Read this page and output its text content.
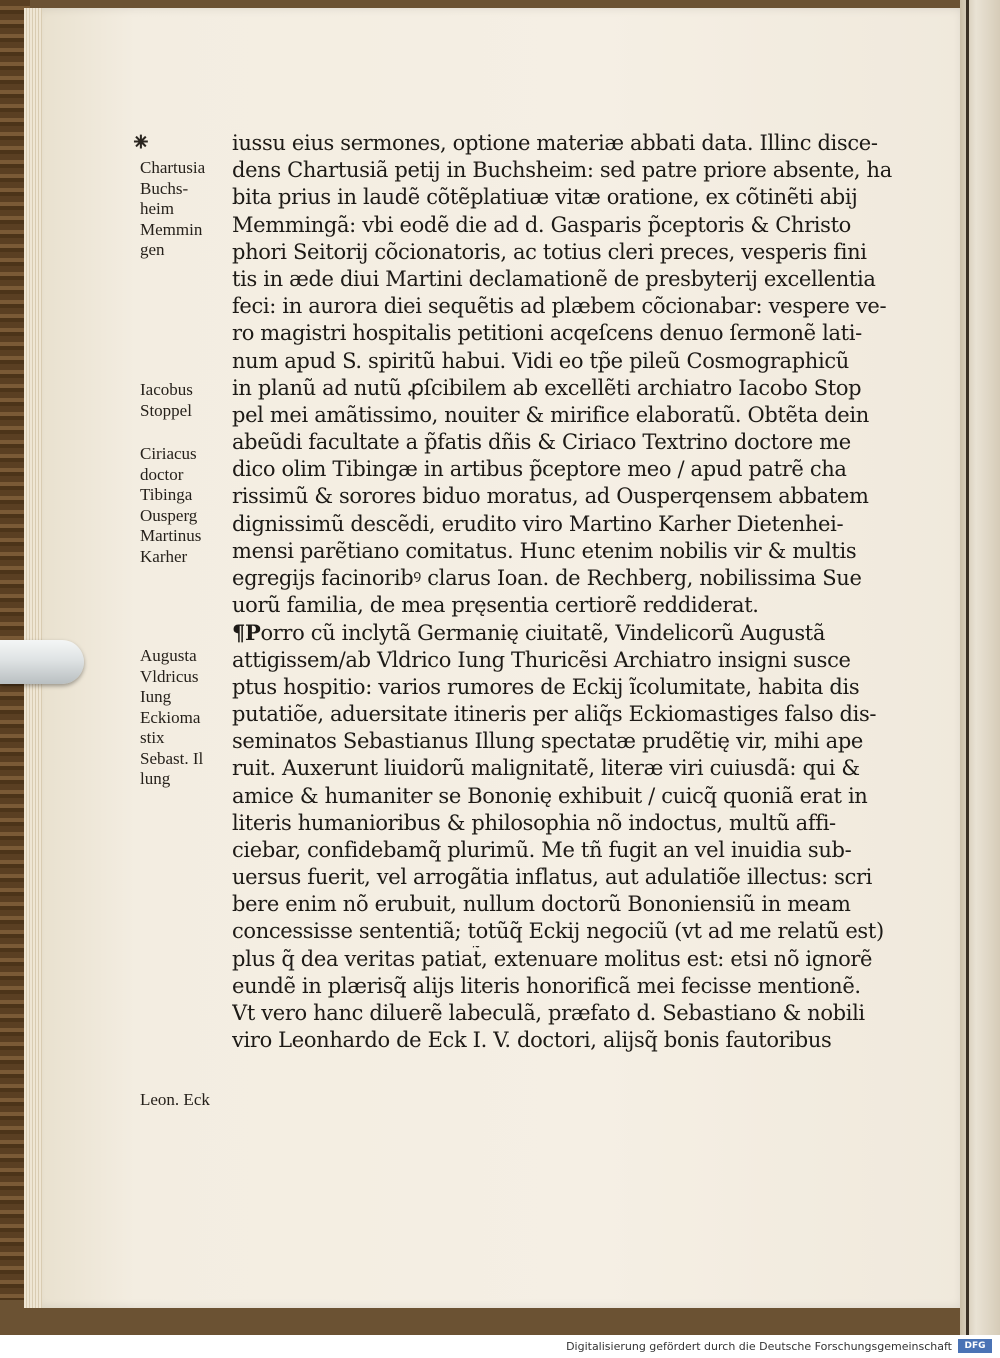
⁕	iussu eius sermones, optione materiæ abbati data. Illinc disce-
dens Chartusiã petij in Buchsheim: sed patre priore absente, ha
bita prius in laudẽ cõtẽplatiuæ vitæ oratione, ex cõtinẽti abij
Memmingã: vbi eodẽ die ad d. Gasparis p̃ceptoris & Christo
phori Seitorij cõcionatoris, ac totius cleri preces, vesperis fini
tis in æde diui Martini declamationẽ de presbyterij excellentia
feci: in aurora diei sequẽtis ad plæbem cõcionabar: vespere ve-
ro magistri hospitalis petitioni acqeſcens denuo ſermonẽ lati-
num apud S. spiritũ habui. Vidi eo tp̃e pileũ Cosmographicũ
in planũ ad nutũ ꝓſcibilem ab excellẽti archiatro Iacobo Stop
pel mei amãtissimo, nouiter & mirifice elaboratũ. Obtẽta dein
abeũdi facultate a p̃fatis dñis & Ciriaco Textrino doctore me
dico olim Tibingæ in artibus p̃ceptore meo / apud patrẽ cha
rissimũ & sorores biduo moratus, ad Ousperqensem abbatem
dignissimũ descẽdi, erudito viro Martino Karher Dietenhei-
mensi parẽtiano comitatus. Hunc etenim nobilis vir & multis
egregijs facinoribꝰ clarus Ioan. de Rechberg, nobilissima Sue
uorũ familia, de mea pręsentia certiorẽ reddiderat.
¶Porro cũ inclytã Germanię ciuitatẽ, Vindelicorũ Augustã
attigissem/ab Vldrico Iung Thuricẽsi Archiatro insigni susce
ptus hospitio: varios rumores de Eckij ĩcolumitate, habita dis
putatiõe, aduersitate itineris per aliq̃s Eckiomastiges falso dis-
seminatos Sebastianus Illung spectatæ prudẽtię vir, mihi ape
ruit. Auxerunt liuidorũ malignitatẽ, literæ viri cuiusdã: qui &
amice & humaniter se Bononię exhibuit / cuicq̃ quoniã erat in
literis humanioribus & philosophia nõ indoctus, multũ affi-
ciebar, confidebamq̃ plurimũ. Me tñ fugit an vel inuidia sub-
uersus fuerit, vel arrogãtia inflatus, aut adulatiõe illectus: scri
bere enim nõ erubuit, nullum doctorũ Bononiensiũ in meam
concessisse sententiã; totũq̃ Eckij negociũ (vt ad me relatũ est)
plus q̃ dea veritas patiat̃, extenuare molitus est: etsi nõ ignorẽ
eundẽ in plærisq̃ alijs literis honorificã mei fecisse mentionẽ.
Vt vero hanc diluerẽ labeculã, præfato d. Sebastiano & nobili
viro Leonhardo de Eck I. V. doctori, alijsq̃ bonis fautoribus
Chartusia
Buchs-
heim
Memmin
gen
Iacobus
Stoppel
Ciriacus
doctor
Tibinga
Ousperg
Martinus
Karher
Augusta
Vldricus
Iung
Eckioma
stix
Sebast. Il
lung
Leon. Eck
Digitalisierung gefördert durch die Deutsche Forschungsgemeinschaft	DFG
